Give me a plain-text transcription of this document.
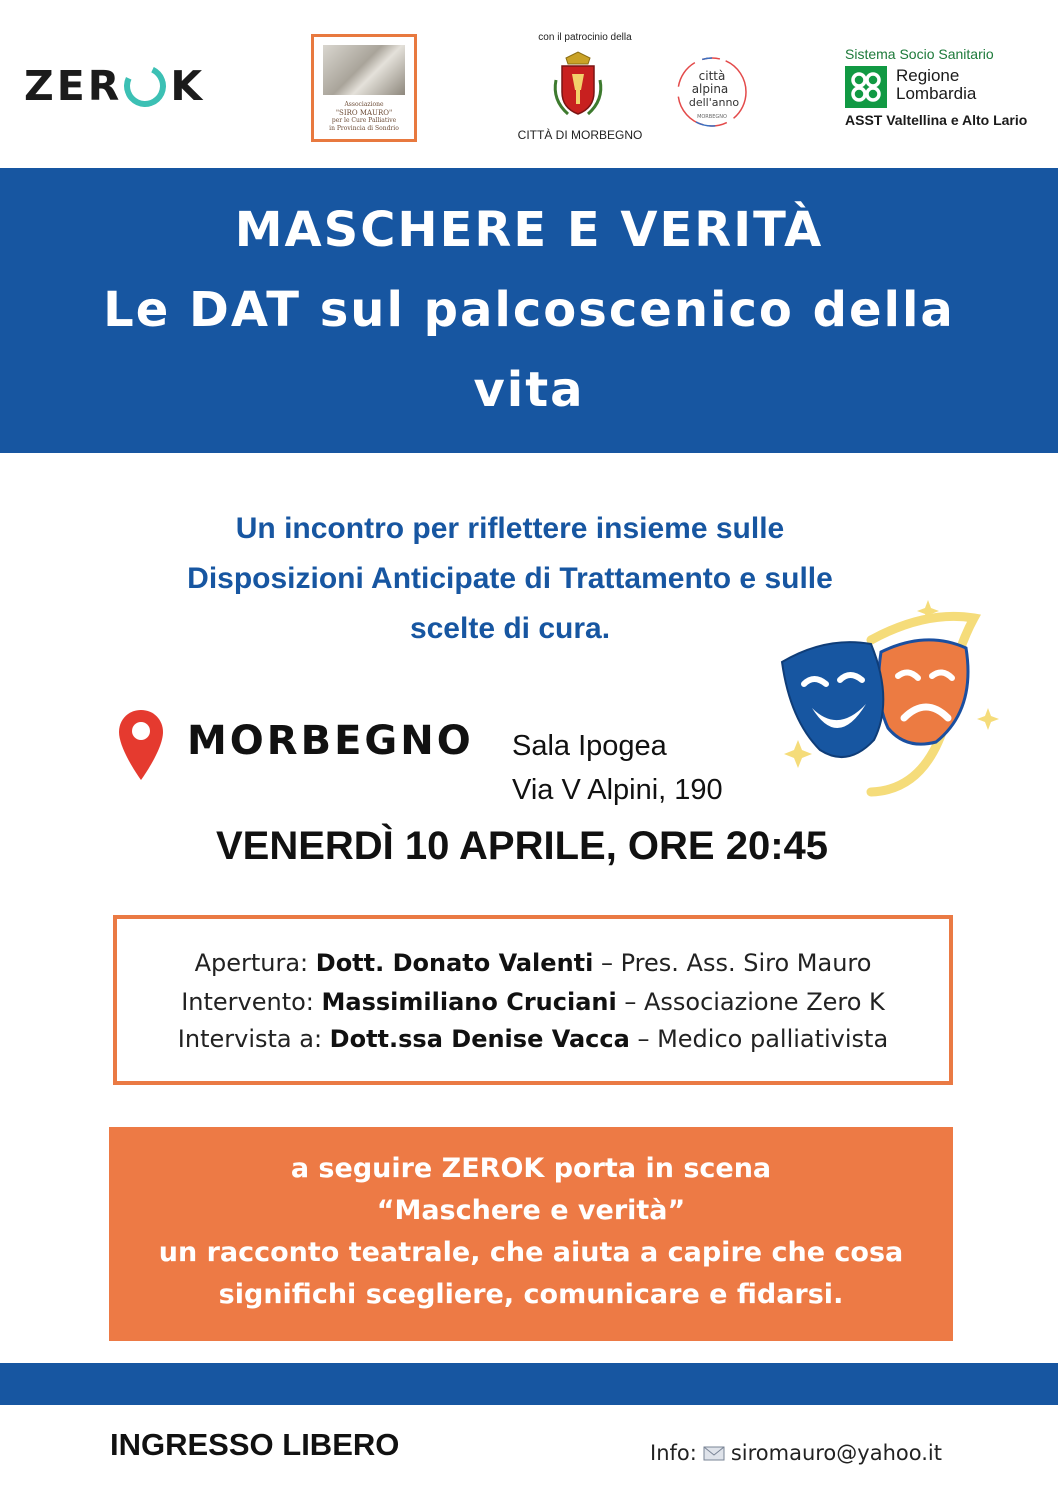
ZER K	Associazione
"SIRO MAURO"
per le Cure Palliative
in Provincia di Sondrio
con il patrocinio della
CITTÀ DI MORBEGNO
città
alpina
dell'anno
MORBEGNO
Sistema Socio Sanitario
Regione
Lombardia
ASST Valtellina e Alto Lario
MASCHERE E VERITÀ
Le DAT sul palcoscenico della
vita
Un incontro per riflettere insieme sulle
Disposizioni Anticipate di Trattamento e sulle
scelte di cura.
MORBEGNO Sala Ipogea
Via V Alpini, 190
VENERDÌ 10 APRILE, ORE 20:45
Apertura: Dott. Donato Valenti – Pres. Ass. Siro Mauro
Intervento: Massimiliano Cruciani – Associazione Zero K
Intervista a: Dott.ssa Denise Vacca – Medico palliativista
a seguire ZEROK porta in scena
“Maschere e verità”
un racconto teatrale, che aiuta a capire che cosa
significhi scegliere, comunicare e fidarsi.
INGRESSO LIBERO	Info: siromauro@yahoo.it
